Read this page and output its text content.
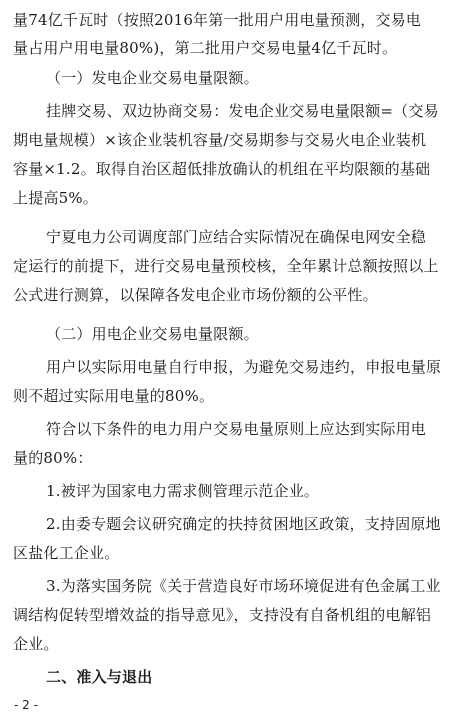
量74亿千瓦时（按照2016年第一批用户用电量预测，交易电
量占用户用电量80%)，第二批用户交易电量4亿千瓦时。
（一）发电企业交易电量限额。
挂牌交易、双边协商交易：发电企业交易电量限额=（交易
期电量规模）×该企业装机容量/交易期参与交易火电企业装机
容量×1.2。取得自治区超低排放确认的机组在平均限额的基础
上提高5%。
宁夏电力公司调度部门应结合实际情况在确保电网安全稳
定运行的前提下，进行交易电量预校核，全年累计总额按照以上
公式进行测算，以保障各发电企业市场份额的公平性。
（二）用电企业交易电量限额。
用户以实际用电量自行申报，为避免交易违约，申报电量原
则不超过实际用电量的80%。
符合以下条件的电力用户交易电量原则上应达到实际用电
量的80%：
1.被评为国家电力需求侧管理示范企业。
2.由委专题会议研究确定的扶持贫困地区政策，支持固原地
区盐化工企业。
3.为落实国务院《关于营造良好市场环境促进有色金属工业
调结构促转型增效益的指导意见》，支持没有自备机组的电解铝
企业。
二、准入与退出
- 2 -
